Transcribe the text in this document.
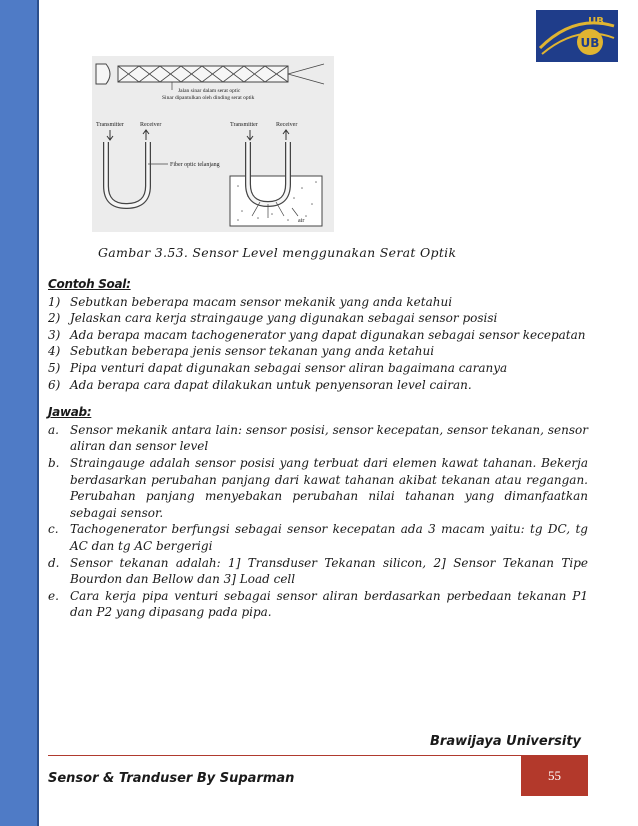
UB
UB
Jalan sinar dalam serat optic
Sinar dipantulkan oleh dinding serat optik
Transmitter	Receiver	Transmitter	Receiver
Fiber optic telanjang
air
Gambar 3.53. Sensor Level menggunakan Serat Optik
Contoh Soal:
1) Sebutkan beberapa macam sensor mekanik yang anda ketahui
2) Jelaskan cara kerja straingauge yang digunakan sebagai sensor posisi
3) Ada berapa macam tachogenerator yang dapat digunakan sebagai sensor kecepatan
4) Sebutkan beberapa jenis sensor tekanan yang anda ketahui
5) Pipa venturi dapat digunakan sebagai sensor aliran bagaimana caranya
6) Ada berapa cara dapat dilakukan untuk penyensoran level cairan.
Jawab:
a. Sensor mekanik antara lain: sensor posisi, sensor kecepatan, sensor tekanan, sensor aliran dan sensor level
b. Straingauge adalah sensor posisi yang terbuat dari elemen kawat tahanan. Bekerja berdasarkan perubahan panjang dari kawat tahanan akibat tekanan atau regangan. Perubahan panjang menyebakan perubahan nilai tahanan yang dimanfaatkan sebagai sensor.
c. Tachogenerator berfungsi sebagai sensor kecepatan ada 3 macam yaitu: tg DC, tg AC dan tg AC bergerigi
d. Sensor tekanan adalah: 1] Transduser Tekanan silicon, 2] Sensor Tekanan Tipe Bourdon dan Bellow dan 3] Load cell
e. Cara kerja pipa venturi sebagai sensor aliran berdasarkan perbedaan tekanan P1 dan P2 yang dipasang pada pipa.
Brawijaya University
Sensor & Tranduser By Suparman	55
